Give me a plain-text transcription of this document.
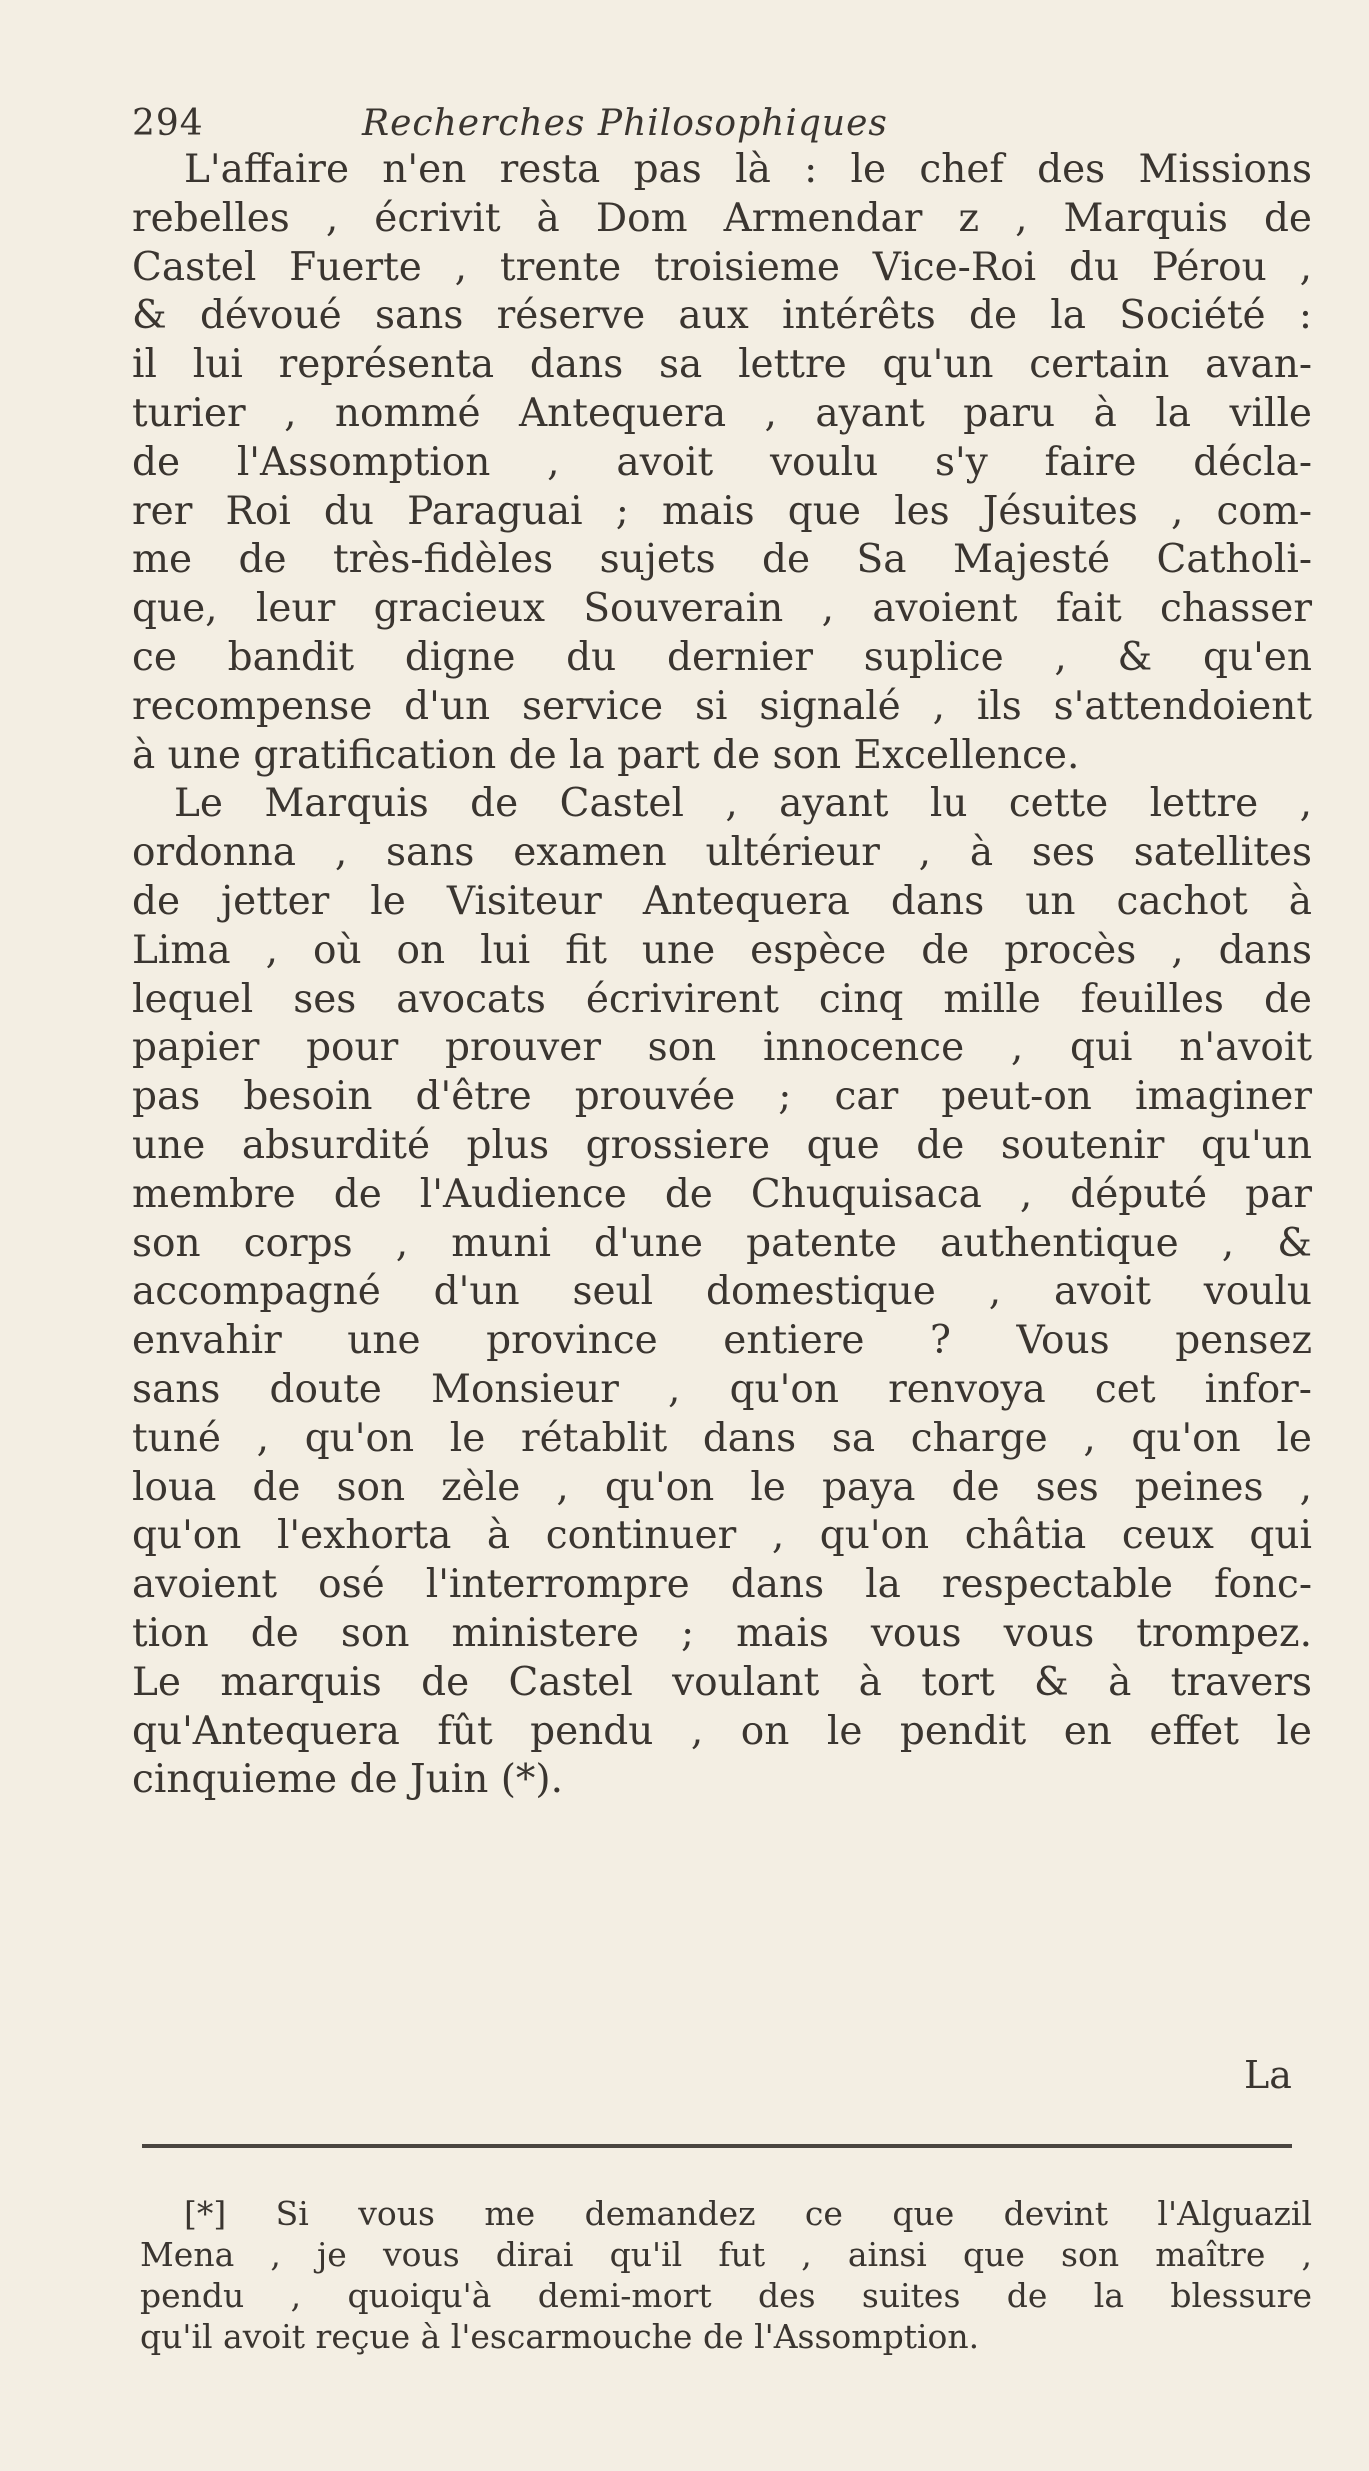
294	Recherches Philosophiques
L'affaire n'en resta pas là : le chef des Missions
rebelles , écrivit à Dom Armendar z , Marquis de
Castel Fuerte , trente troisieme Vice-Roi du Pérou ,
& dévoué sans réserve aux intérêts de la Société :
il lui représenta dans sa lettre qu'un certain avan-
turier , nommé Antequera , ayant paru à la ville
de l'Assomption , avoit voulu s'y faire décla-
rer Roi du Paraguai ; mais que les Jésuites , com-
me de très-fidèles sujets de Sa Majesté Catholi-
que, leur gracieux Souverain , avoient fait chasser
ce bandit digne du dernier suplice , & qu'en
recompense d'un service si signalé , ils s'attendoient
à une gratification de la part de son Excellence.
Le Marquis de Castel , ayant lu cette lettre ,
ordonna , sans examen ultérieur , à ses satellites
de jetter le Visiteur Antequera dans un cachot à
Lima , où on lui fit une espèce de procès , dans
lequel ses avocats écrivirent cinq mille feuilles de
papier pour prouver son innocence , qui n'avoit
pas besoin d'être prouvée ; car peut-on imaginer
une absurdité plus grossiere que de soutenir qu'un
membre de l'Audience de Chuquisaca , député par
son corps , muni d'une patente authentique , &
accompagné d'un seul domestique , avoit voulu
envahir une province entiere ? Vous pensez
sans doute Monsieur , qu'on renvoya cet infor-
tuné , qu'on le rétablit dans sa charge , qu'on le
loua de son zèle , qu'on le paya de ses peines ,
qu'on l'exhorta à continuer , qu'on châtia ceux qui
avoient osé l'interrompre dans la respectable fonc-
tion de son ministere ; mais vous vous trompez.
Le marquis de Castel voulant à tort & à travers
qu'Antequera fût pendu , on le pendit en effet le
cinquieme de Juin (*).
La
[*] Si vous me demandez ce que devint l'Alguazil
Mena , je vous dirai qu'il fut , ainsi que son maître ,
pendu , quoiqu'à demi-mort des suites de la blessure
qu'il avoit reçue à l'escarmouche de l'Assomption.
